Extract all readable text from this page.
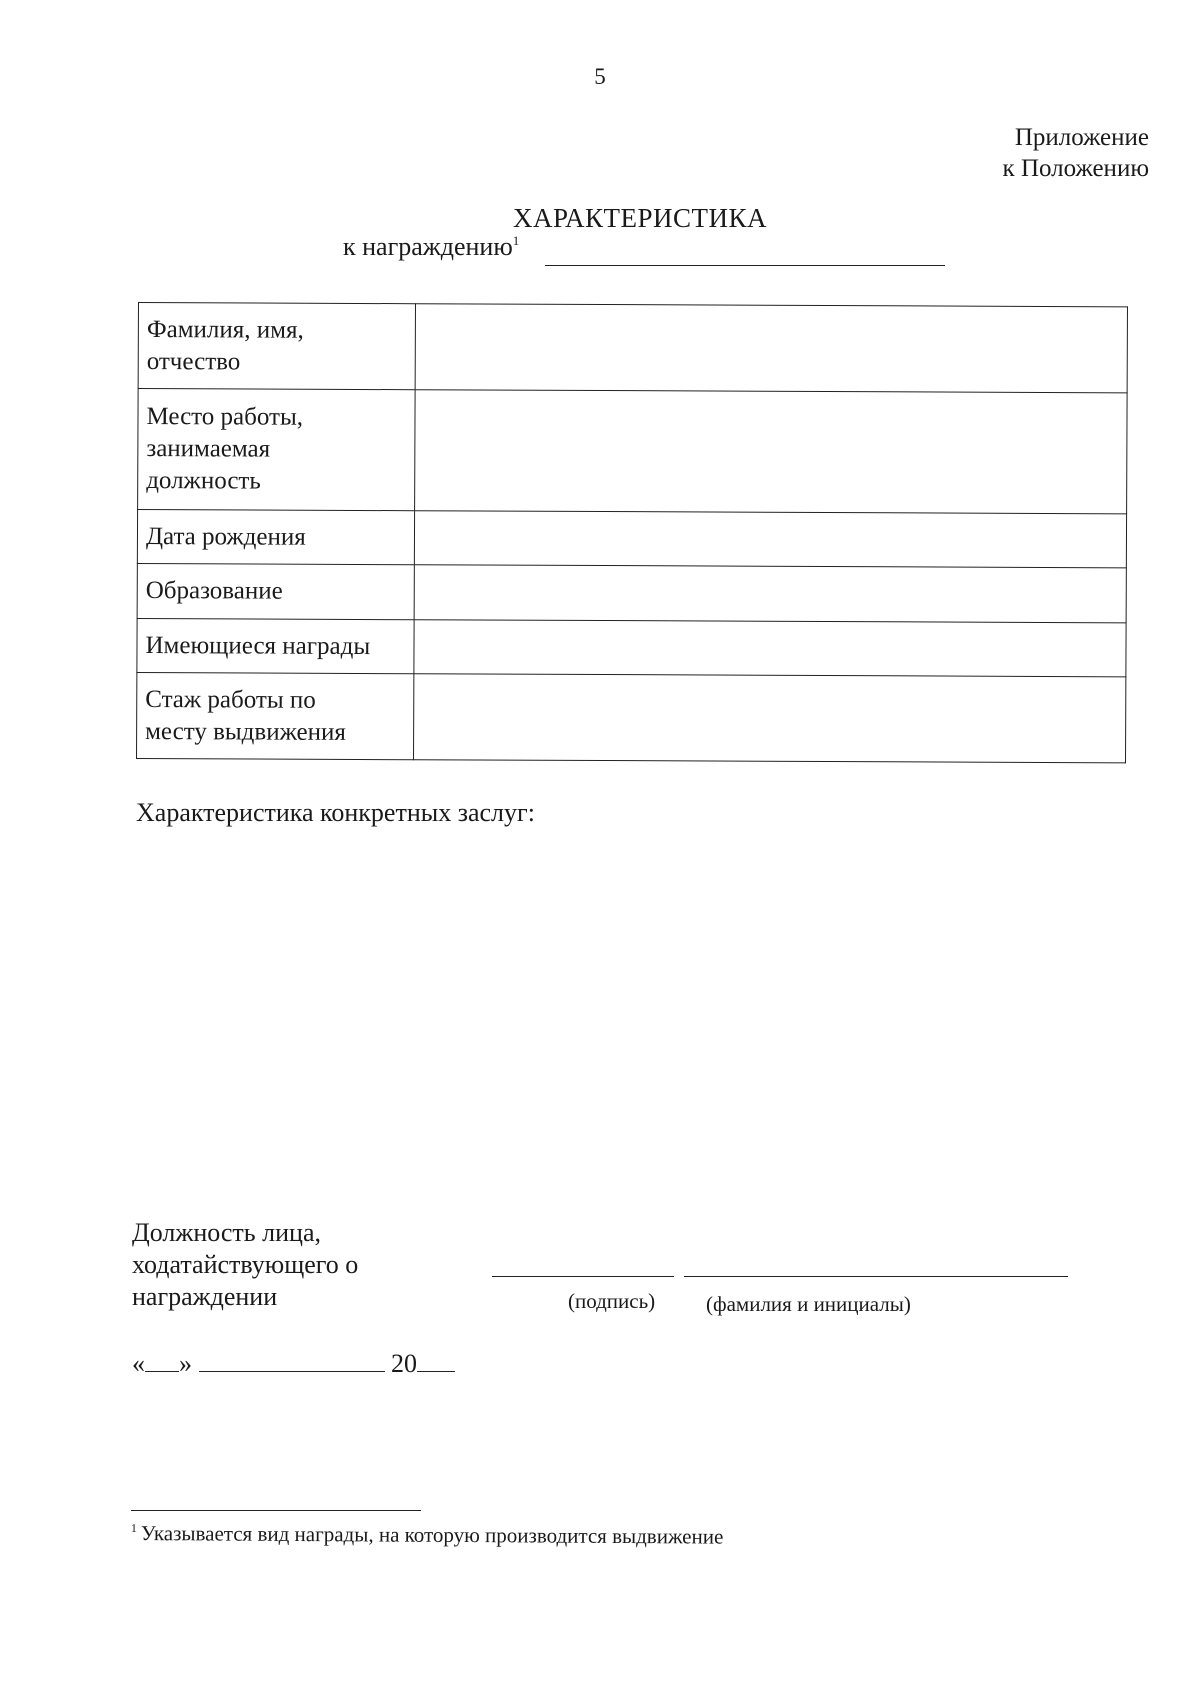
5
Приложение
к Положению
ХАРАКТЕРИСТИКА
к награждению$^1$
Фамилия, имя,
отчество	

Место работы,
занимаемая
должность	

Дата рождения	

Образование	

Имеющиеся награды	

Стаж работы по
месту выдвижения	

Характеристика конкретных заслуг:
Должность лица,
ходатайствующего о
награждении	(подпись) (фамилия и инициалы)
« »	20
$^1$ Указывается вид награды, на которую производится выдвижение
